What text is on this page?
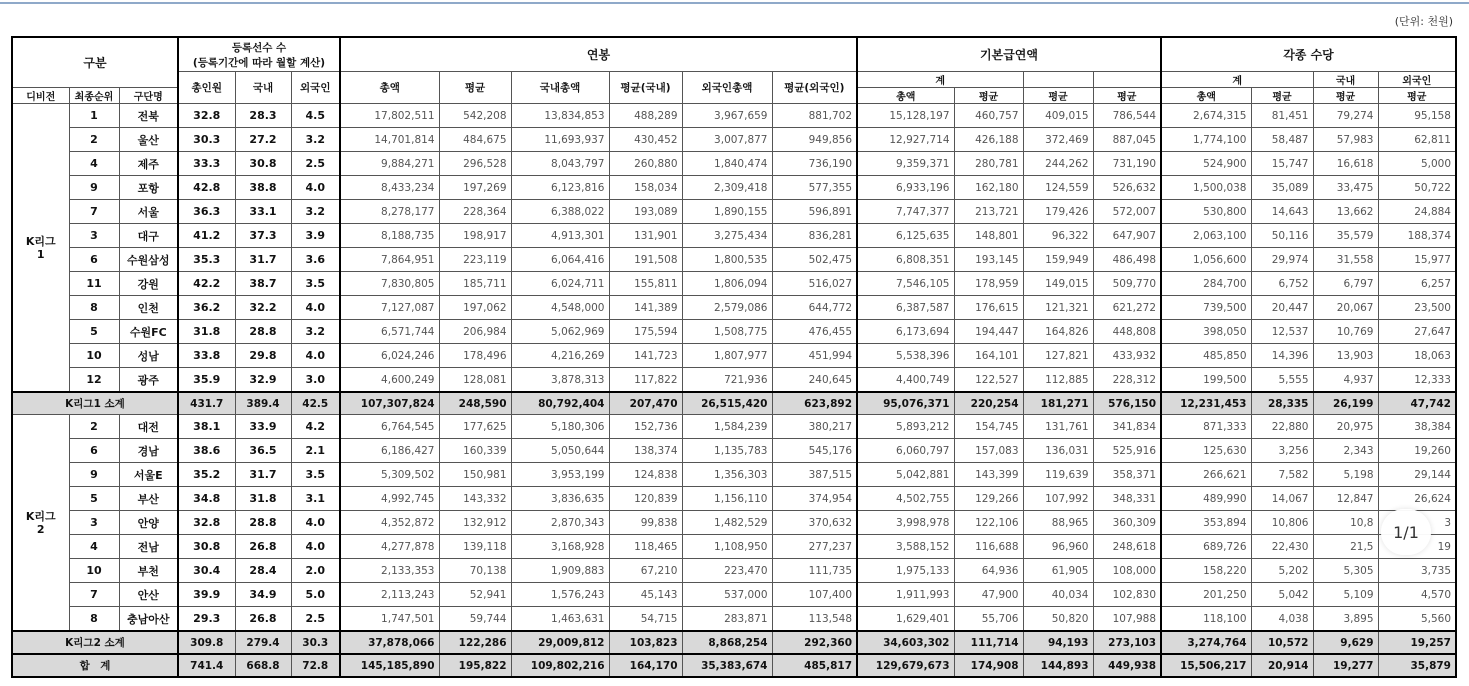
(단위: 천원)
구분			등록선수 수
(등록기간에 따라 월할 계산)			연봉						기본급연액				각종 수당			
			총인원	국내	외국인	총액	평균	국내총액	평균(국내)	외국인총액	평균(외국인)	계				계		국내	외국인
디비전	최종순위	구단명										총액	평균	평균	평균	총액	평균	평균	평균
K리그
1	1	전북	32.8	28.3	4.5	17,802,511	542,208	13,834,853	488,289	3,967,659	881,702	15,128,197	460,757	409,015	786,544	2,674,315	81,451	79,274	95,158
	2	울산	30.3	27.2	3.2	14,701,814	484,675	11,693,937	430,452	3,007,877	949,856	12,927,714	426,188	372,469	887,045	1,774,100	58,487	57,983	62,811
	4	제주	33.3	30.8	2.5	9,884,271	296,528	8,043,797	260,880	1,840,474	736,190	9,359,371	280,781	244,262	731,190	524,900	15,747	16,618	5,000
	9	포항	42.8	38.8	4.0	8,433,234	197,269	6,123,816	158,034	2,309,418	577,355	6,933,196	162,180	124,559	526,632	1,500,038	35,089	33,475	50,722
	7	서울	36.3	33.1	3.2	8,278,177	228,364	6,388,022	193,089	1,890,155	596,891	7,747,377	213,721	179,426	572,007	530,800	14,643	13,662	24,884
	3	대구	41.2	37.3	3.9	8,188,735	198,917	4,913,301	131,901	3,275,434	836,281	6,125,635	148,801	96,322	647,907	2,063,100	50,116	35,579	188,374
	6	수원삼성	35.3	31.7	3.6	7,864,951	223,119	6,064,416	191,508	1,800,535	502,475	6,808,351	193,145	159,949	486,498	1,056,600	29,974	31,558	15,977
	11	강원	42.2	38.7	3.5	7,830,805	185,711	6,024,711	155,811	1,806,094	516,027	7,546,105	178,959	149,015	509,770	284,700	6,752	6,797	6,257
	8	인천	36.2	32.2	4.0	7,127,087	197,062	4,548,000	141,389	2,579,086	644,772	6,387,587	176,615	121,321	621,272	739,500	20,447	20,067	23,500
	5	수원FC	31.8	28.8	3.2	6,571,744	206,984	5,062,969	175,594	1,508,775	476,455	6,173,694	194,447	164,826	448,808	398,050	12,537	10,769	27,647
	10	성남	33.8	29.8	4.0	6,024,246	178,496	4,216,269	141,723	1,807,977	451,994	5,538,396	164,101	127,821	433,932	485,850	14,396	13,903	18,063
	12	광주	35.9	32.9	3.0	4,600,249	128,081	3,878,313	117,822	721,936	240,645	4,400,749	122,527	112,885	228,312	199,500	5,555	4,937	12,333
K리그1 소계			431.7	389.4	42.5	107,307,824	248,590	80,792,404	207,470	26,515,420	623,892	95,076,371	220,254	181,271	576,150	12,231,453	28,335	26,199	47,742
K리그
2	2	대전	38.1	33.9	4.2	6,764,545	177,625	5,180,306	152,736	1,584,239	380,217	5,893,212	154,745	131,761	341,834	871,333	22,880	20,975	38,384
	6	경남	38.6	36.5	2.1	6,186,427	160,339	5,050,644	138,374	1,135,783	545,176	6,060,797	157,083	136,031	525,916	125,630	3,256	2,343	19,260
	9	서울E	35.2	31.7	3.5	5,309,502	150,981	3,953,199	124,838	1,356,303	387,515	5,042,881	143,399	119,639	358,371	266,621	7,582	5,198	29,144
	5	부산	34.8	31.8	3.1	4,992,745	143,332	3,836,635	120,839	1,156,110	374,954	4,502,755	129,266	107,992	348,331	489,990	14,067	12,847	26,624
	3	안양	32.8	28.8	4.0	4,352,872	132,912	2,870,343	99,838	1,482,529	370,632	3,998,978	122,106	88,965	360,309	353,894	10,806	10,8	3
	4	전남	30.8	26.8	4.0	4,277,878	139,118	3,168,928	118,465	1,108,950	277,237	3,588,152	116,688	96,960	248,618	689,726	22,430	21,5	19
	10	부천	30.4	28.4	2.0	2,133,353	70,138	1,909,883	67,210	223,470	111,735	1,975,133	64,936	61,905	108,000	158,220	5,202	5,305	3,735
	7	안산	39.9	34.9	5.0	2,113,243	52,941	1,576,243	45,143	537,000	107,400	1,911,993	47,900	40,034	102,830	201,250	5,042	5,109	4,570
	8	충남아산	29.3	26.8	2.5	1,747,501	59,744	1,463,631	54,715	283,871	113,548	1,629,401	55,706	50,820	107,988	118,100	4,038	3,895	5,560
K리그2 소계			309.8	279.4	30.3	37,878,066	122,286	29,009,812	103,823	8,868,254	292,360	34,603,302	111,714	94,193	273,103	3,274,764	10,572	9,629	19,257
합　계			741.4	668.8	72.8	145,185,890	195,822	109,802,216	164,170	35,383,674	485,817	129,679,673	174,908	144,893	449,938	15,506,217	20,914	19,277	35,879
1/1
